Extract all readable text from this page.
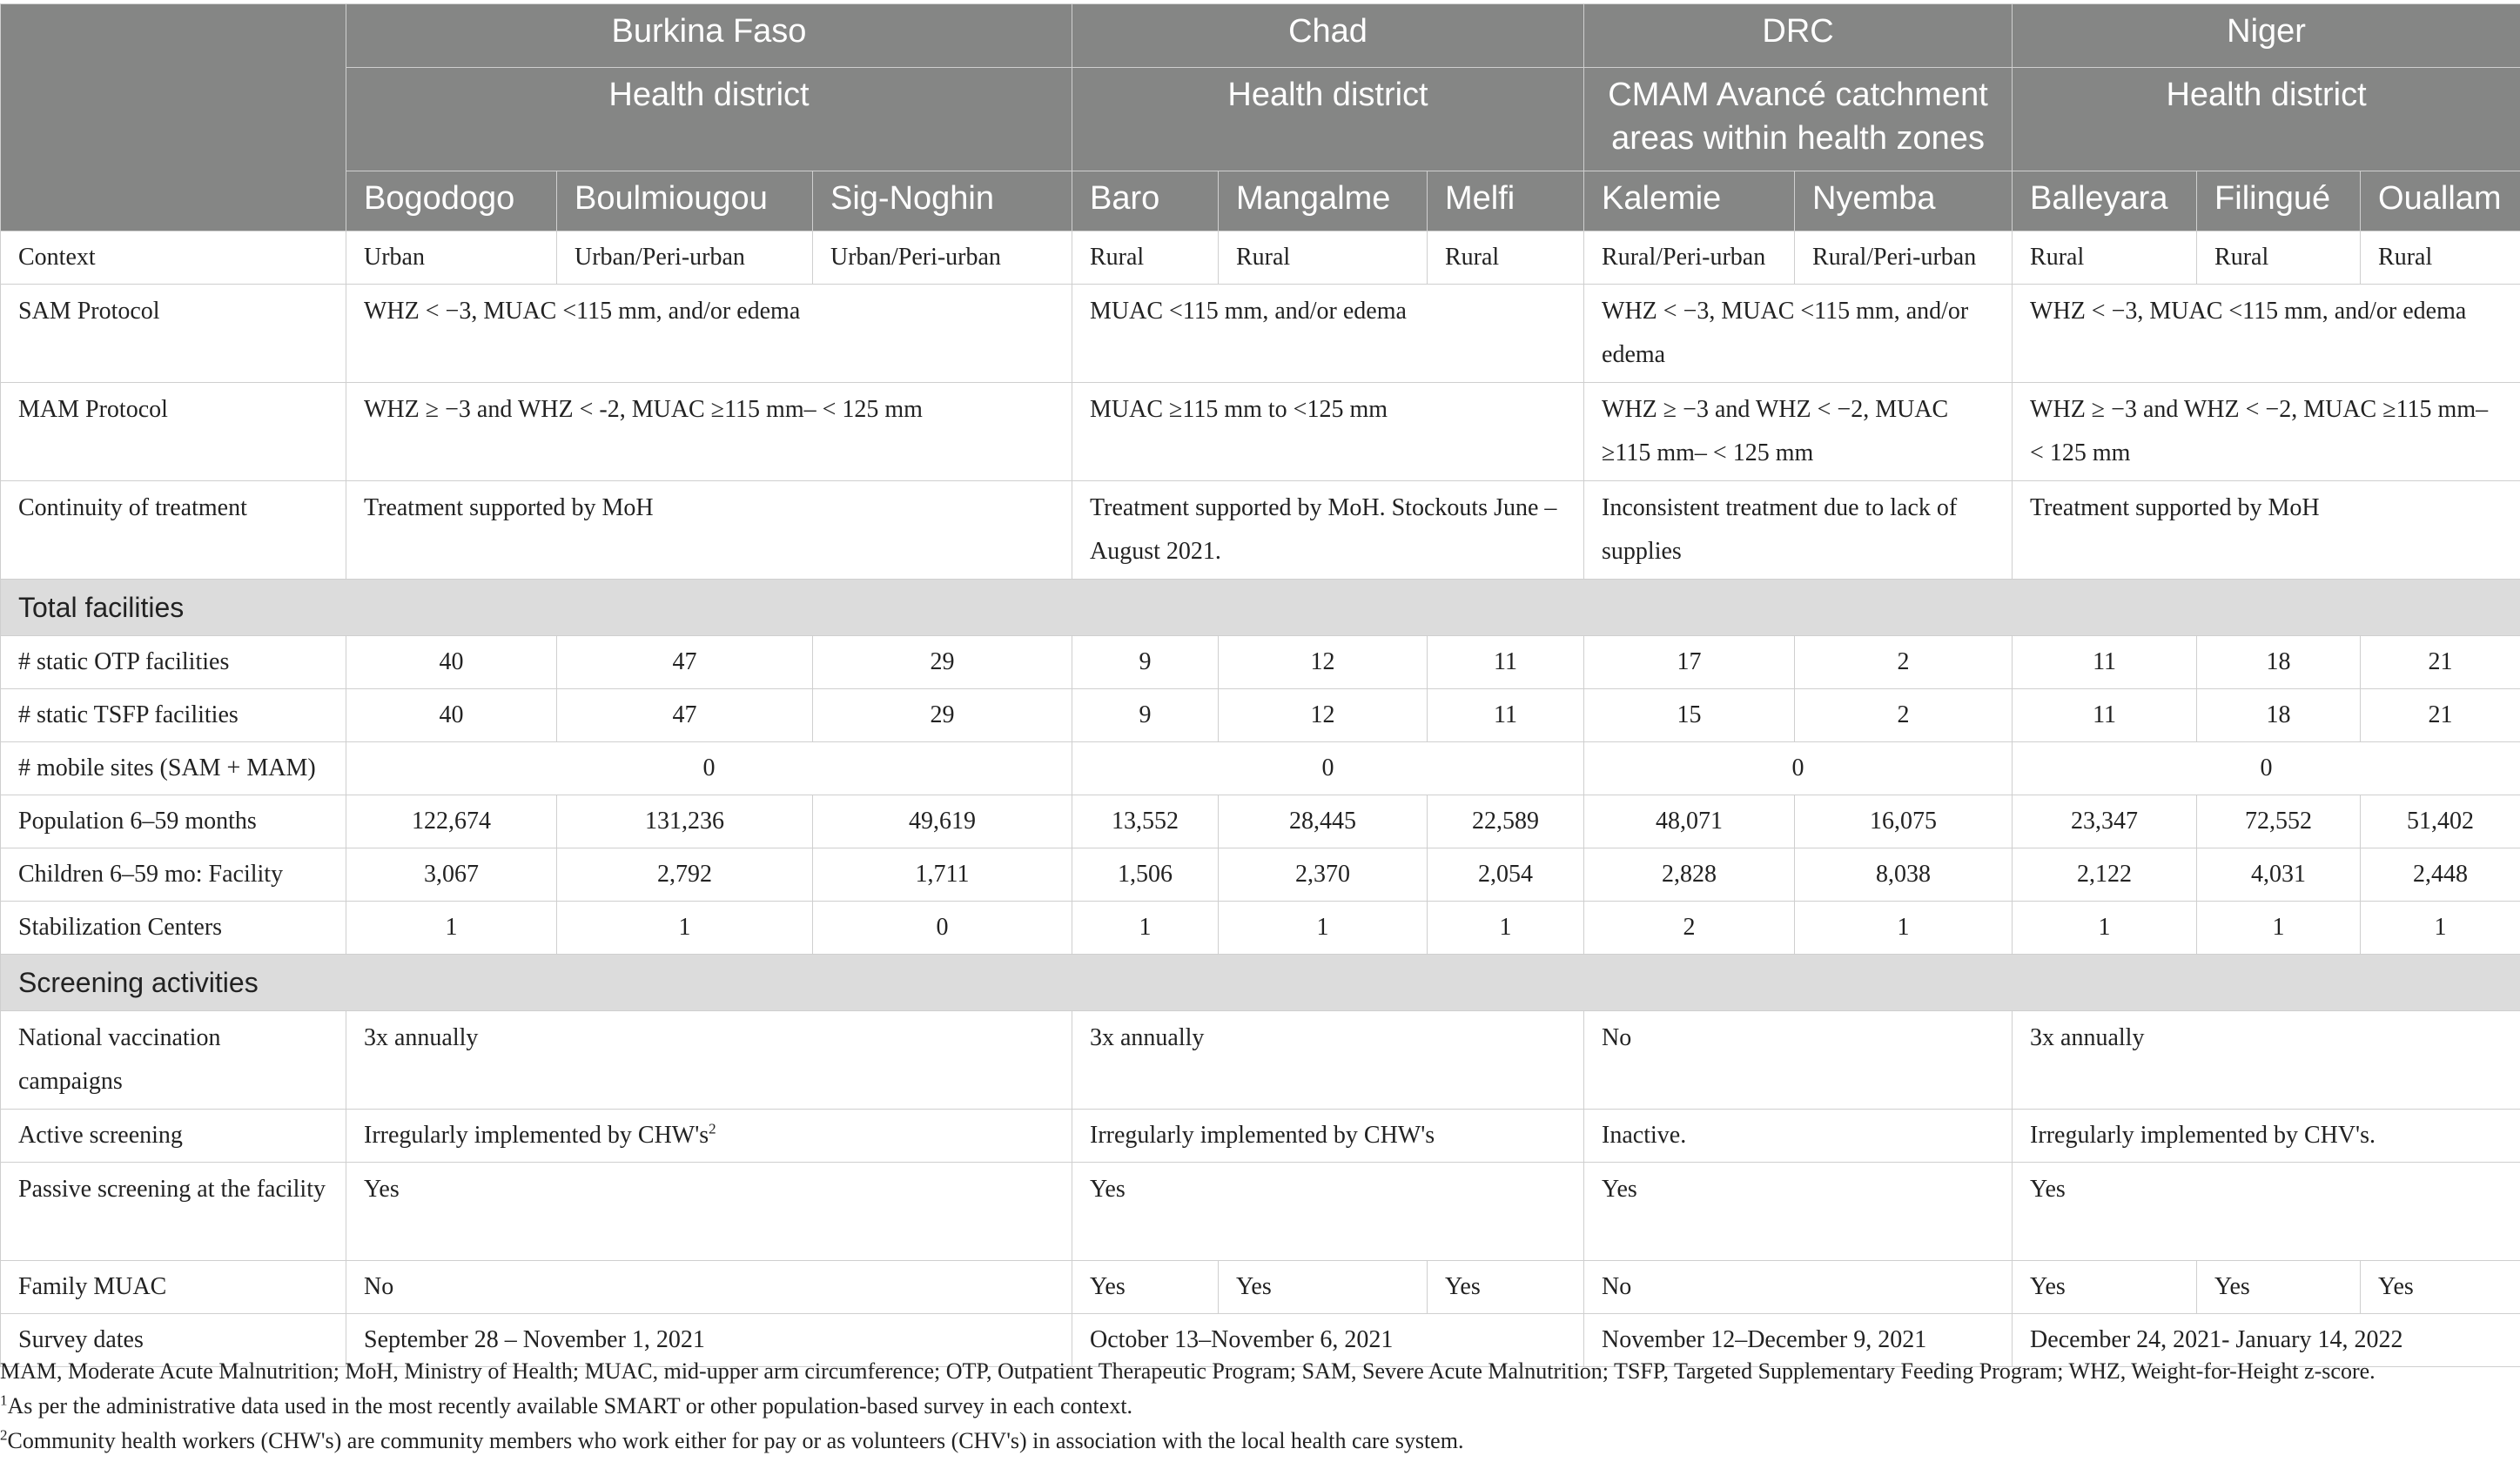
	Burkina Faso			Chad			DRC		Niger		
	Health district			Health district			CMAM Avancé catchment areas within health zones		Health district		
	Bogodogo	Boulmiougou	Sig-Noghin	Baro	Mangalme	Melfi	Kalemie	Nyemba	Balleyara	Filingué	Ouallam
Context	Urban	Urban/Peri-urban	Urban/Peri-urban	Rural	Rural	Rural	Rural/Peri-urban	Rural/Peri-urban	Rural	Rural	Rural
SAM Protocol	WHZ < −3, MUAC <115 mm, and/or edema			MUAC <115 mm, and/or edema			WHZ < −3, MUAC <115 mm, and/or edema		WHZ < −3, MUAC <115 mm, and/or edema		
MAM Protocol	WHZ ≥ −3 and WHZ < -2, MUAC ≥115 mm– < 125 mm			MUAC ≥115 mm to <125 mm			WHZ ≥ −3 and WHZ < −2, MUAC ≥115 mm– < 125 mm		WHZ ≥ −3 and WHZ < −2, MUAC ≥115 mm– < 125 mm		
Continuity of treatment	Treatment supported by MoH			Treatment supported by MoH. Stockouts June – August 2021.			Inconsistent treatment due to lack of supplies		Treatment supported by MoH		
Total facilities											
# static OTP facilities	40	47	29	9	12	11	17	2	11	18	21
# static TSFP facilities	40	47	29	9	12	11	15	2	11	18	21
# mobile sites (SAM + MAM)	0			0			0		0		
Population 6–59 months	122,674	131,236	49,619	13,552	28,445	22,589	48,071	16,075	23,347	72,552	51,402
Children 6–59 mo: Facility	3,067	2,792	1,711	1,506	2,370	2,054	2,828	8,038	2,122	4,031	2,448
Stabilization Centers	1	1	0	1	1	1	2	1	1	1	1
Screening activities											
National vaccination campaigns	3x annually			3x annually			No		3x annually		
Active screening	Irregularly implemented by $CHW's^2$			Irregularly implemented by CHW's			Inactive.		Irregularly implemented by CHV's.		
Passive screening at the facility	Yes			Yes			Yes		Yes		
Family MUAC	No			Yes	Yes	Yes	No		Yes	Yes	Yes
Survey dates	September 28 – November 1, 2021			October 13–November 6, 2021			November 12–December 9, 2021		December 24, 2021- January 14, 2022		

MAM, Moderate Acute Malnutrition; MoH, Ministry of Health; MUAC, mid-upper arm circumference; OTP, Outpatient Therapeutic Program; SAM, Severe Acute Malnutrition; TSFP, Targeted Supplementary Feeding Program; WHZ, Weight-for-Height z-score.

$^1$As per the administrative data used in the most recently available SMART or other population-based survey in each context.

$^2$Community health workers (CHW's) are community members who work either for pay or as volunteers (CHV's) in association with the local health care system.
